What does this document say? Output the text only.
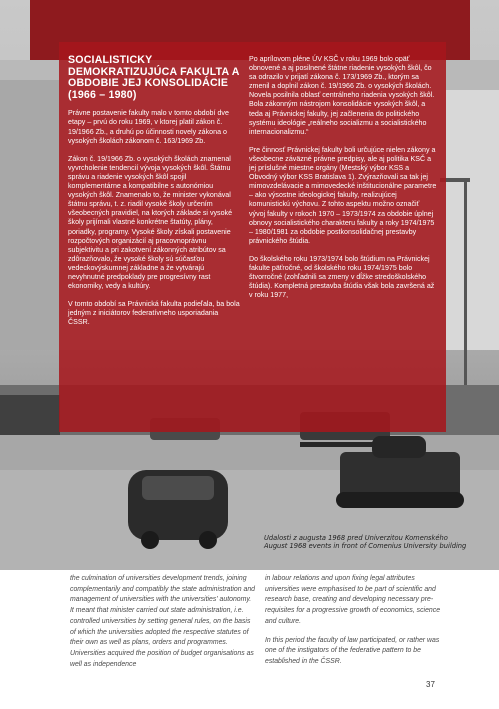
SOCIALISTICKY DEMOKRATIZUJÚCA FAKULTA A OBDOBIE JEJ KONSOLIDÁCIE (1966 – 1980)

Právne postavenie fakulty malo v tomto období dve etapy – prvú do roku 1969, v ktorej platil zákon č. 19/1966 Zb., a druhú po účinnosti novely zákona o vysokých školách zákonom č. 163/1969 Zb.

Zákon č. 19/1966 Zb. o vysokých školách znamenal vyvrcholenie tendencií vývoja vysokých škôl. Štátnu správu a riadenie vysokých škôl spojil komplementárne a kompatibilne s autonómiou vysokých škôl. Znamenalo to, že minister vykonával štátnu správu, t. z. riadil vysoké školy určením všeobecných pravidiel, na ktorých základe si vysoké školy prijímali vlastné konkrétne štatúty, plány, poriadky, programy. Vysoké školy získali postavenie rozpočtových organizácií aj pracovnoprávnu subjektivitu a pri zakotvení zákonných atribútov sa zdôrazňovalo, že vysoké školy sú súčasťou vedeckovýskumnej základne a že vytvárajú nevyhnutné predpoklady pre progresívny rast ekonomiky, vedy a kultúry.

V tomto období sa Právnická fakulta podieľala, ba bola jedným z iniciátorov federatívneho usporiadania ČSSR.

Po aprílovom pléne ÚV KSČ v roku 1969 bolo opäť obnovené a aj posilnené štátne riadenie vysokých škôl, čo sa odrazilo v prijatí zákona č. 173/1969 Zb., ktorým sa zmenil a doplnil zákon č. 19/1966 Zb. o vysokých školách. Novela posilnila oblasť centrálneho riadenia vysokých škôl. Bola zákonným nástrojom konsolidácie vysokých škôl, a teda aj Právnickej fakulty, jej začlenenia do politického systému ideológie „reálneho socializmu a socialistického internacionalizmu.“

Pre činnosť Právnickej fakulty boli určujúce nielen zákony a všeobecne záväzné právne predpisy, ale aj politika KSČ a jej príslušné miestne orgány (Mestský výbor KSS a Obvodný výbor KSS Bratislava 1). Zvýrazňovali sa tak jej mimovzdelávacie a mimovedecké inštitucionálne parametre – ako výsostne ideologickej fakulty, realizujúcej komunistickú výchovu. Z tohto aspektu možno označiť vývoj fakulty v rokoch 1970 – 1973/1974 za obdobie úplnej obnovy socialistického charakteru fakulty a roky 1974/1975 – 1980/1981 za obdobie postkonsolidačnej prestavby právnického štúdia.

Do školského roku 1973/1974 bolo štúdium na Právnickej fakulte päťročné, od školského roku 1974/1975 bolo štvorročné (zohľadnili sa zmeny v dĺžke stredoškolského štúdia). Kompletná prestavba štúdia však bola završená až v roku 1977,

Udalosti z augusta 1968 pred Univerzitou Komenského
August 1968 events in front of Comenius University building

the culmination of universities development trends, joining complementarily and compatibly the state administration and management of universities with the universities' autonomy. It meant that minister carried out state administration, i.e. controlled universities by setting general rules, on the basis of which the universities adopted the respective statutes of their own as well as plans, orders and programmes. Universities acquired the position of budget organisations as well as independence

in labour relations and upon fixing legal attributes universities were emphasised to be part of scientific and research base, creating and developing necessary pre-requisites for a progressive growth of economics, science and culture.

In this period the faculty of law participated, or rather was one of the instigators of the federative pattern to be established in the ČSSR.

37
